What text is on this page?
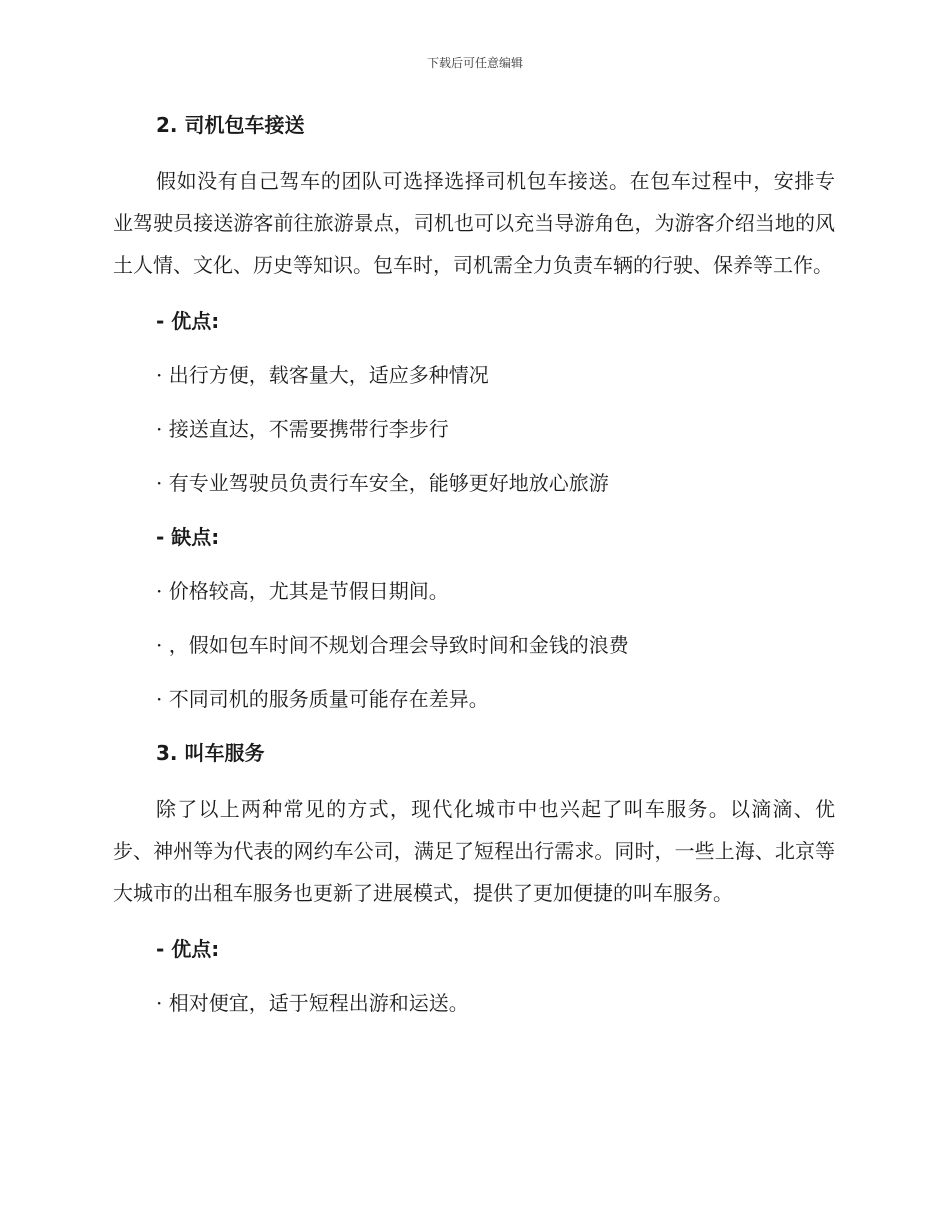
下载后可任意编辑
2. 司机包车接送

假如没有自己驾车的团队可选择选择司机包车接送。在包车过程中，安排专业驾驶员接送游客前往旅游景点，司机也可以充当导游角色，为游客介绍当地的风土人情、文化、历史等知识。包车时，司机需全力负责车辆的行驶、保养等工作。

- 优点:
· 出行方便，载客量大，适应多种情况
· 接送直达，不需要携带行李步行
· 有专业驾驶员负责行车安全，能够更好地放心旅游
- 缺点:
· 价格较高，尤其是节假日期间。
· ，假如包车时间不规划合理会导致时间和金钱的浪费
· 不同司机的服务质量可能存在差异。
3. 叫车服务

除了以上两种常见的方式，现代化城市中也兴起了叫车服务。以滴滴、优步、神州等为代表的网约车公司，满足了短程出行需求。同时，一些上海、北京等大城市的出租车服务也更新了进展模式，提供了更加便捷的叫车服务。

- 优点:
· 相对便宜，适于短程出游和运送。
